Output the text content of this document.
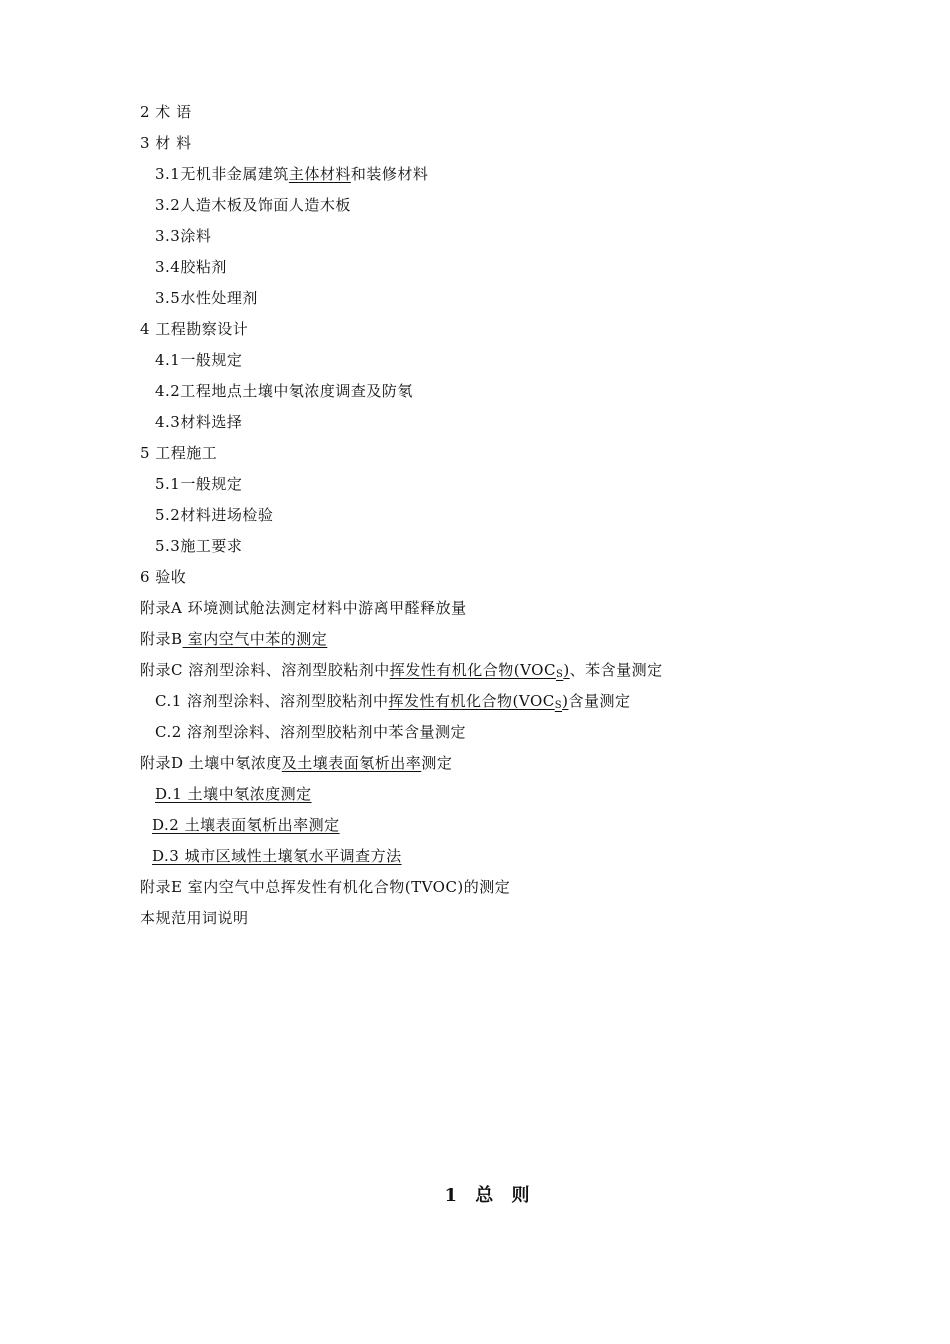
2 术 语
3 材 料
3.1无机非金属建筑主体材料和装修材料
3.2人造木板及饰面人造木板
3.3涂料
3.4胶粘剂
3.5水性处理剂
4 工程勘察设计
4.1一般规定
4.2工程地点土壤中氡浓度调查及防氡
4.3材料选择
5 工程施工
5.1一般规定
5.2材料进场检验
5.3施工要求
6 验收
附录A 环境测试舱法测定材料中游离甲醛释放量
附录B 室内空气中苯的测定
附录C 溶剂型涂料、溶剂型胶粘剂中挥发性有机化合物$(VOC_S)$、苯含量测定
C.1 溶剂型涂料、溶剂型胶粘剂中挥发性有机化合物$(VOC_S)$含量测定
C.2 溶剂型涂料、溶剂型胶粘剂中苯含量测定
附录D 土壤中氡浓度及土壤表面氡析出率测定
D.1 土壤中氡浓度测定
D.2 土壤表面氡析出率测定
D.3 城市区域性土壤氡水平调查方法
附录E 室内空气中总挥发性有机化合物(TVOC)的测定
本规范用词说明
1 总 则
